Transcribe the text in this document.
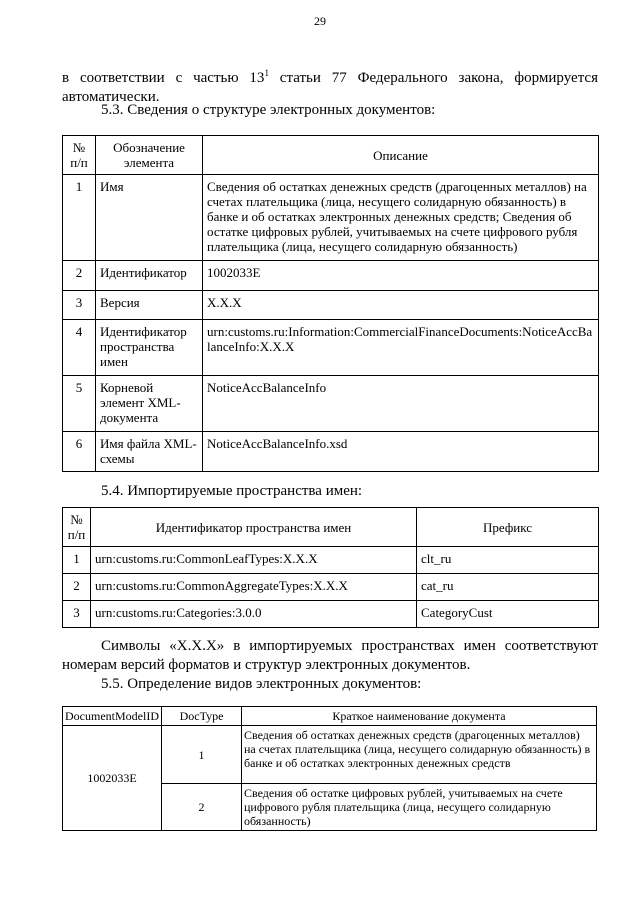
29
в соответствии с частью $13^1$ статьи 77 Федерального закона, формируется автоматически.
5.3. Сведения о структуре электронных документов:
№ п/п	Обозначение элемента	Описание
1	Имя	Сведения об остатках денежных средств (драгоценных металлов) на счетах плательщика (лица, несущего солидарную обязанность) в банке и об остатках электронных денежных средств; Сведения об остатке цифровых рублей, учитываемых на счете цифрового рубля плательщика (лица, несущего солидарную обязанность)
2	Идентификатор	1002033E
3	Версия	X.X.X
4	Идентификатор пространства имен	urn:customs.ru:Information:CommercialFinanceDocuments:NoticeAccBalanceInfo:X.X.X
5	Корневой элемент XML-документа	NoticeAccBalanceInfo
6	Имя файла XML-схемы	NoticeAccBalanceInfo.xsd
5.4. Импортируемые пространства имен:
№ п/п	Идентификатор пространства имен	Префикс
1	urn:customs.ru:CommonLeafTypes:X.X.X	clt_ru
2	urn:customs.ru:CommonAggregateTypes:X.X.X	cat_ru
3	urn:customs.ru:Categories:3.0.0	CategoryCust
Символы «X.X.X» в импортируемых пространствах имен соответствуют номерам версий форматов и структур электронных документов.
5.5. Определение видов электронных документов:
DocumentModelID	DocType	Краткое наименование документа
1002033E	1	Сведения об остатках денежных средств (драгоценных металлов) на счетах плательщика (лица, несущего солидарную обязанность) в банке и об остатках электронных денежных средств
	2	Сведения об остатке цифровых рублей, учитываемых на счете цифрового рубля плательщика (лица, несущего солидарную обязанность)
